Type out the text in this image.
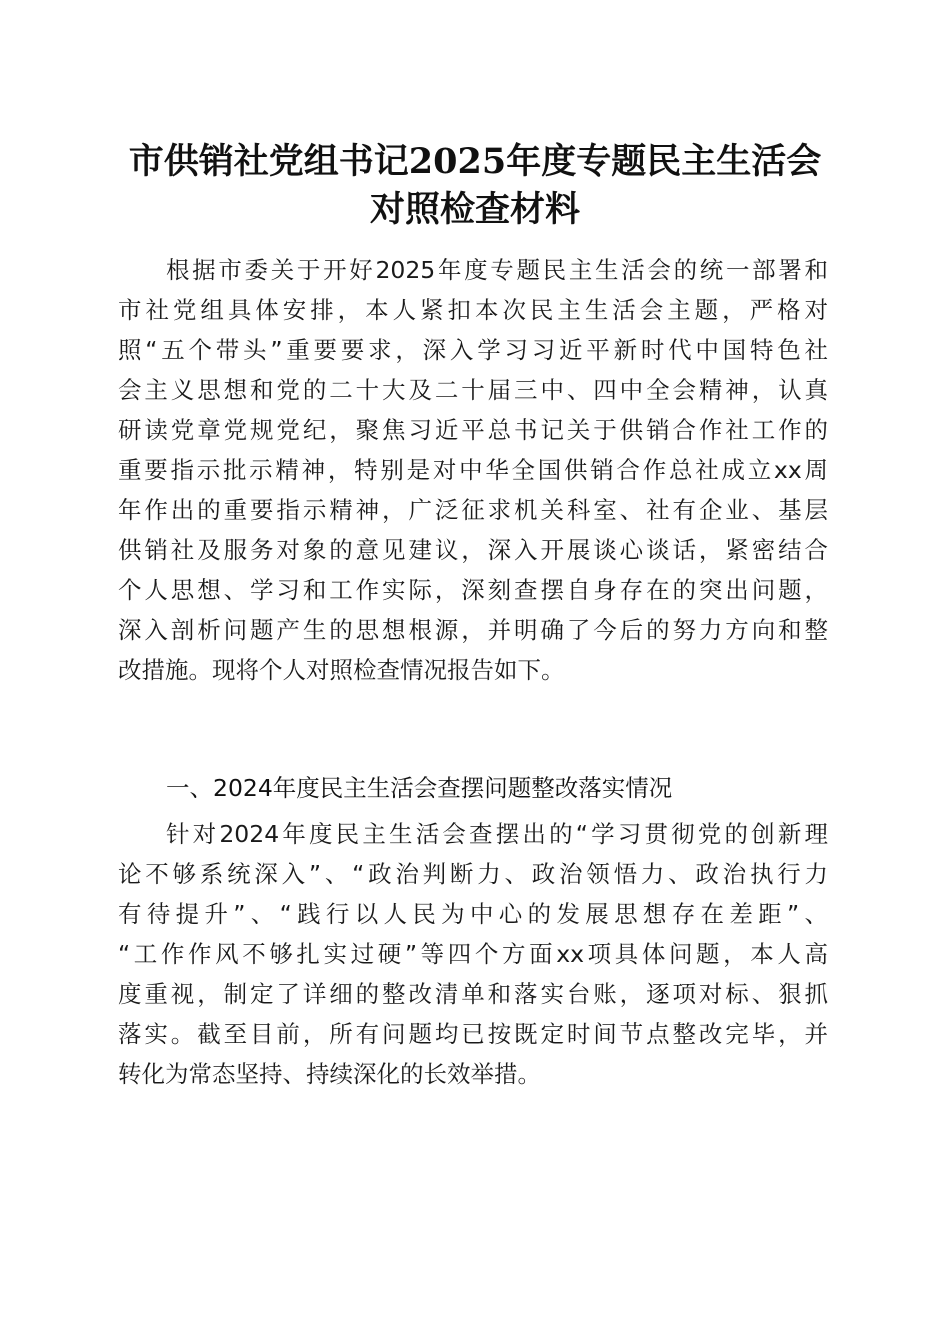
市供销社党组书记2025年度专题民主生活会
对照检查材料
根据市委关于开好2025年度专题民主生活会的统一部署和
市社党组具体安排，本人紧扣本次民主生活会主题，严格对
照“五个带头”重要要求，深入学习习近平新时代中国特色社
会主义思想和党的二十大及二十届三中、四中全会精神，认真
研读党章党规党纪，聚焦习近平总书记关于供销合作社工作的
重要指示批示精神，特别是对中华全国供销合作总社成立xx周
年作出的重要指示精神，广泛征求机关科室、社有企业、基层
供销社及服务对象的意见建议，深入开展谈心谈话，紧密结合
个人思想、学习和工作实际，深刻查摆自身存在的突出问题，
深入剖析问题产生的思想根源，并明确了今后的努力方向和整
改措施。现将个人对照检查情况报告如下。
一、2024年度民主生活会查摆问题整改落实情况
针对2024年度民主生活会查摆出的“学习贯彻党的创新理
论不够系统深入”、“政治判断力、政治领悟力、政治执行力
有待提升”、“践行以人民为中心的发展思想存在差距”、
“工作作风不够扎实过硬”等四个方面xx项具体问题，本人高
度重视，制定了详细的整改清单和落实台账，逐项对标、狠抓
落实。截至目前，所有问题均已按既定时间节点整改完毕，并
转化为常态坚持、持续深化的长效举措。
